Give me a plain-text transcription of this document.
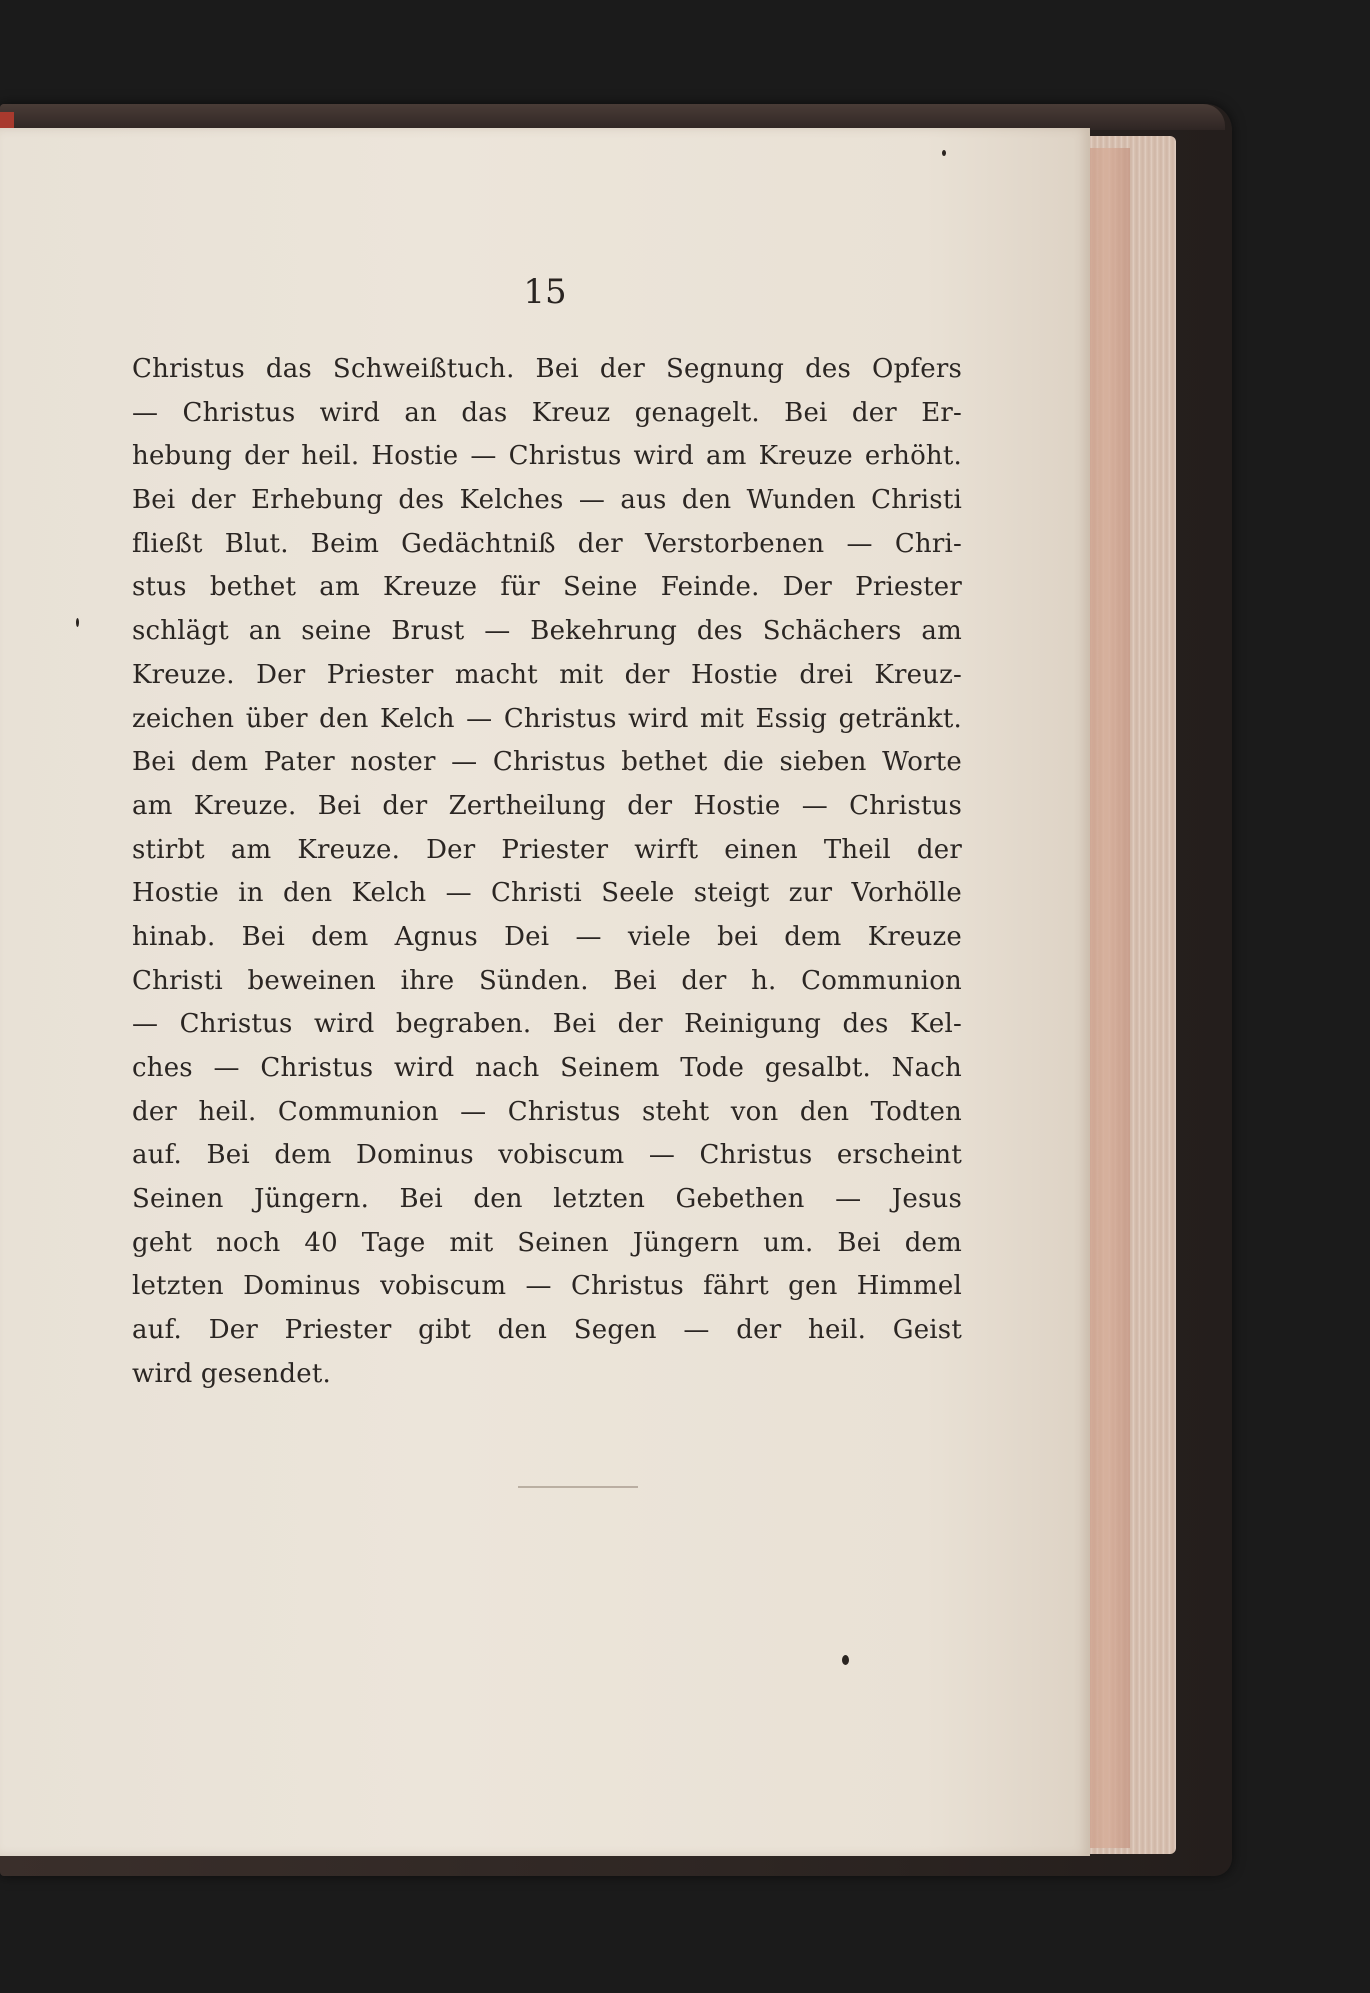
15

Christus das Schweißtuch. Bei der Segnung des Opfers
— Christus wird an das Kreuz genagelt. Bei der Er-
hebung der heil. Hostie — Christus wird am Kreuze erhöht.
Bei der Erhebung des Kelches — aus den Wunden Christi
fließt Blut. Beim Gedächtniß der Verstorbenen — Chri-
stus bethet am Kreuze für Seine Feinde. Der Priester
schlägt an seine Brust — Bekehrung des Schächers am
Kreuze. Der Priester macht mit der Hostie drei Kreuz-
zeichen über den Kelch — Christus wird mit Essig getränkt.
Bei dem Pater noster — Christus bethet die sieben Worte
am Kreuze. Bei der Zertheilung der Hostie — Christus
stirbt am Kreuze. Der Priester wirft einen Theil der
Hostie in den Kelch — Christi Seele steigt zur Vorhölle
hinab. Bei dem Agnus Dei — viele bei dem Kreuze
Christi beweinen ihre Sünden. Bei der h. Communion
— Christus wird begraben. Bei der Reinigung des Kel-
ches — Christus wird nach Seinem Tode gesalbt. Nach
der heil. Communion — Christus steht von den Todten
auf. Bei dem Dominus vobiscum — Christus erscheint
Seinen Jüngern. Bei den letzten Gebethen — Jesus
geht noch 40 Tage mit Seinen Jüngern um. Bei dem
letzten Dominus vobiscum — Christus fährt gen Himmel
auf. Der Priester gibt den Segen — der heil. Geist
wird gesendet.
